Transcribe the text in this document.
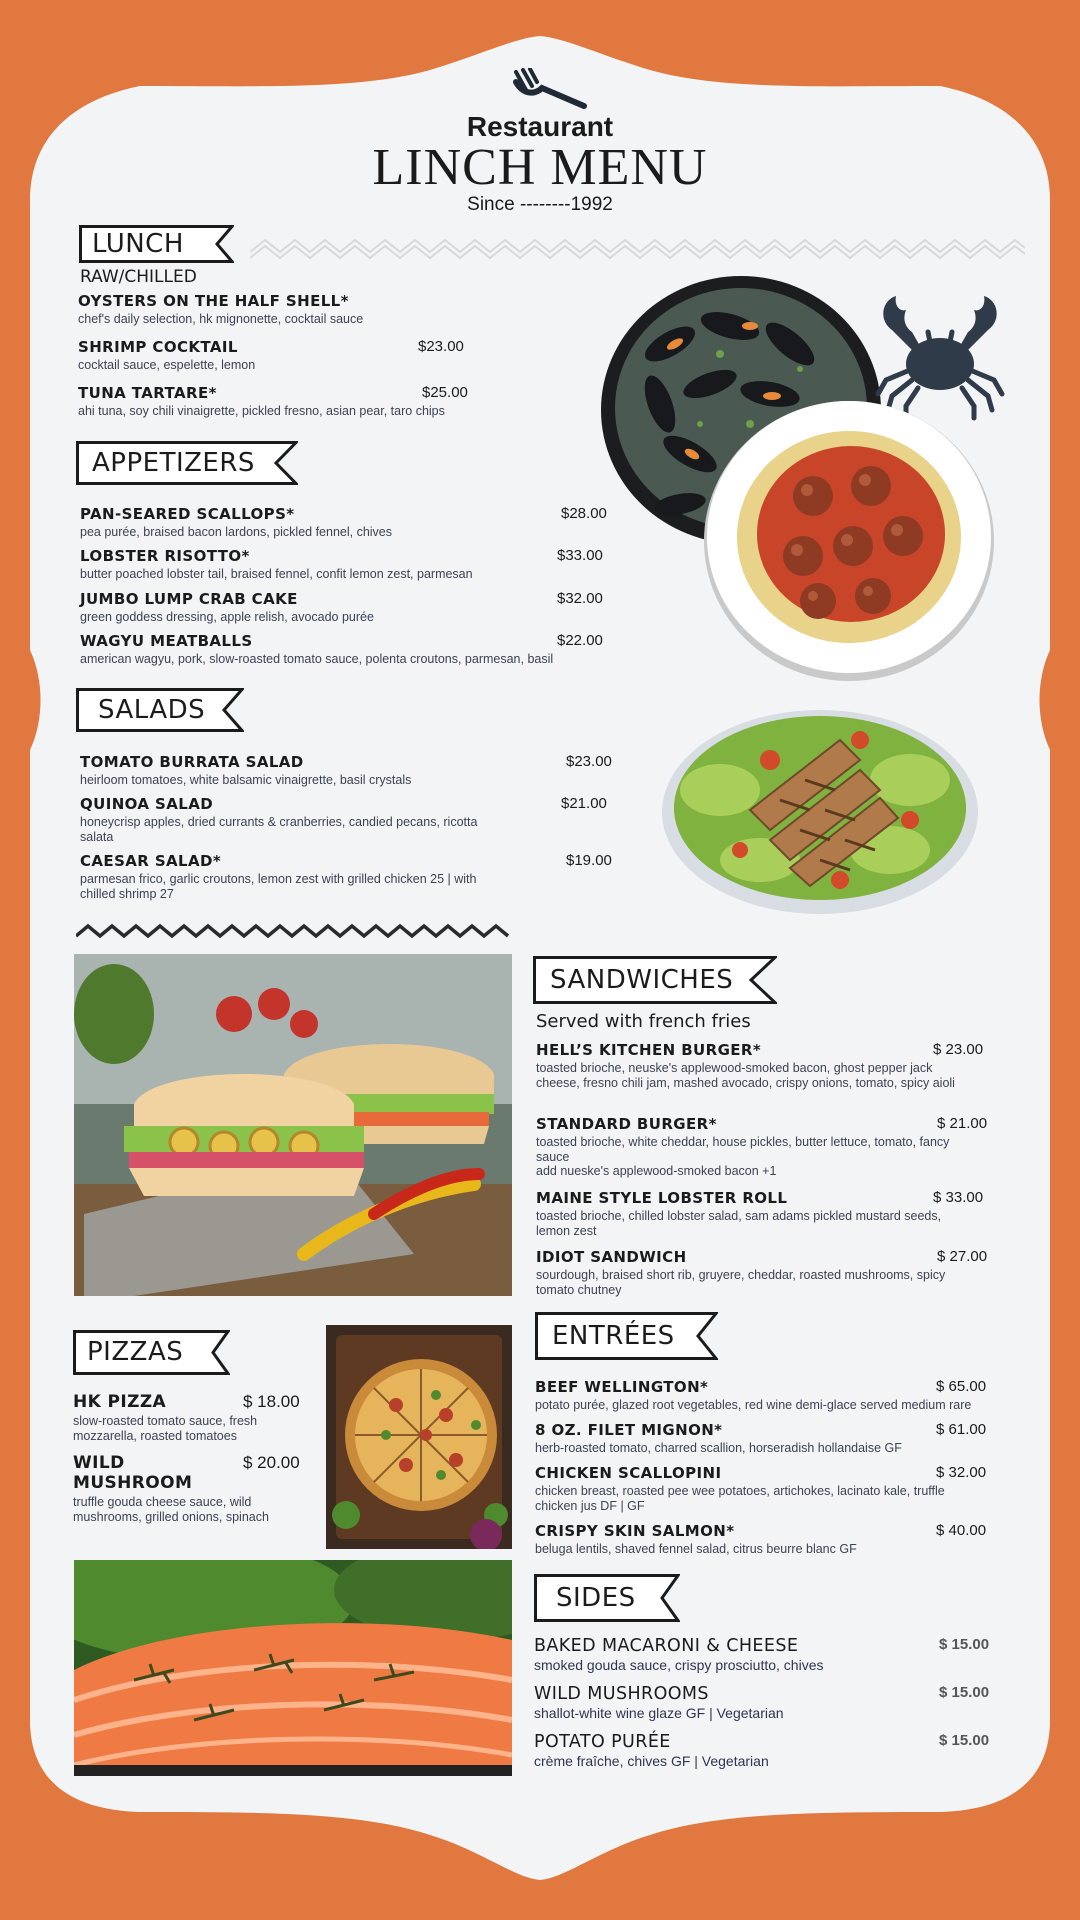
Restaurant
LINCH MENU
Since --------1992
LUNCH
RAW/CHILLED
OYSTERS ON THE HALF SHELL*
chef's daily selection, hk mignonette, cocktail sauce
SHRIMP COCKTAIL	$23.00
cocktail sauce, espelette, lemon
TUNA TARTARE*	$25.00
ahi tuna, soy chili vinaigrette, pickled fresno, asian pear, taro chips
APPETIZERS
PAN-SEARED SCALLOPS*	$28.00
pea purée, braised bacon lardons, pickled fennel, chives
LOBSTER RISOTTO*	$33.00
butter poached lobster tail, braised fennel, confit lemon zest, parmesan
JUMBO LUMP CRAB CAKE	$32.00
green goddess dressing, apple relish, avocado purée
WAGYU MEATBALLS	$22.00
american wagyu, pork, slow-roasted tomato sauce, polenta croutons, parmesan, basil
SALADS
TOMATO BURRATA SALAD	$23.00
heirloom tomatoes, white balsamic vinaigrette, basil crystals
QUINOA SALAD	$21.00
honeycrisp apples, dried currants & cranberries, candied pecans, ricotta salata
CAESAR SALAD*	$19.00
parmesan frico, garlic croutons, lemon zest with grilled chicken 25 | with chilled shrimp 27
SANDWICHES
Served with french fries
HELL’S KITCHEN BURGER*	$ 23.00
toasted brioche, neuske's applewood-smoked bacon, ghost pepper jack cheese, fresno chili jam, mashed avocado, crispy onions, tomato, spicy aioli
STANDARD BURGER*	$ 21.00
toasted brioche, white cheddar, house pickles, butter lettuce, tomato, fancy sauce
add nueske's applewood-smoked bacon +1
MAINE STYLE LOBSTER ROLL	$ 33.00
toasted brioche, chilled lobster salad, sam adams pickled mustard seeds, lemon zest
IDIOT SANDWICH	$ 27.00
sourdough, braised short rib, gruyere, cheddar, roasted mushrooms, spicy tomato chutney
PIZZAS
HK PIZZA	$ 18.00
slow-roasted tomato sauce, fresh mozzarella, roasted tomatoes
WILD MUSHROOM
$ 20.00
truffle gouda cheese sauce, wild mushrooms, grilled onions, spinach
ENTRÉES
BEEF WELLINGTON*	$ 65.00
potato purée, glazed root vegetables, red wine demi-glace served medium rare
8 OZ. FILET MIGNON*	$ 61.00
herb-roasted tomato, charred scallion, horseradish hollandaise GF
CHICKEN SCALLOPINI	$ 32.00
chicken breast, roasted pee wee potatoes, artichokes, lacinato kale, truffle chicken jus DF | GF
CRISPY SKIN SALMON*	$ 40.00
beluga lentils, shaved fennel salad, citrus beurre blanc GF
SIDES
BAKED MACARONI & CHEESE	$ 15.00
smoked gouda sauce, crispy prosciutto, chives
WILD MUSHROOMS	$ 15.00
shallot-white wine glaze GF | Vegetarian
POTATO PURÉE	$ 15.00
crème fraîche, chives GF | Vegetarian
